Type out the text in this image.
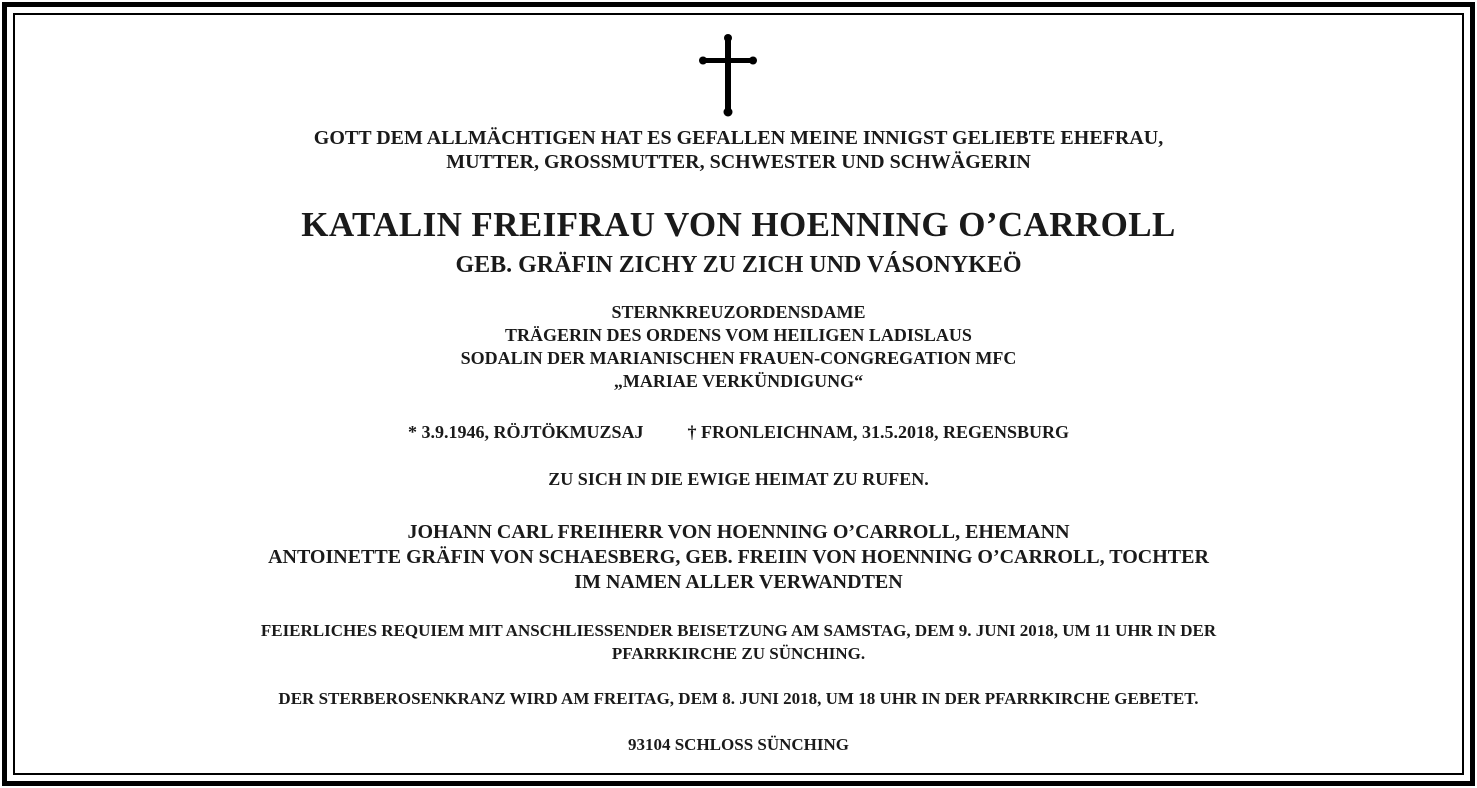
GOTT DEM ALLMÄCHTIGEN HAT ES GEFALLEN MEINE INNIGST GELIEBTE EHEFRAU,
MUTTER, GROSSMUTTER, SCHWESTER UND SCHWÄGERIN
KATALIN FREIFRAU VON HOENNING O’CARROLL
GEB. GRÄFIN ZICHY ZU ZICH UND VÁSONYKEÖ
STERNKREUZORDENSDAME
TRÄGERIN DES ORDENS VOM HEILIGEN LADISLAUS
SODALIN DER MARIANISCHEN FRAUEN-CONGREGATION MFC
„MARIAE VERKÜNDIGUNG“
* 3.9.1946, RÖJTÖKMUZSAJ † FRONLEICHNAM, 31.5.2018, REGENSBURG
ZU SICH IN DIE EWIGE HEIMAT ZU RUFEN.
JOHANN CARL FREIHERR VON HOENNING O’CARROLL, EHEMANN
ANTOINETTE GRÄFIN VON SCHAESBERG, GEB. FREIIN VON HOENNING O’CARROLL, TOCHTER
IM NAMEN ALLER VERWANDTEN
FEIERLICHES REQUIEM MIT ANSCHLIESSENDER BEISETZUNG AM SAMSTAG, DEM 9. JUNI 2018, UM 11 UHR IN DER
PFARRKIRCHE ZU SÜNCHING.
DER STERBEROSENKRANZ WIRD AM FREITAG, DEM 8. JUNI 2018, UM 18 UHR IN DER PFARRKIRCHE GEBETET.
93104 SCHLOSS SÜNCHING
